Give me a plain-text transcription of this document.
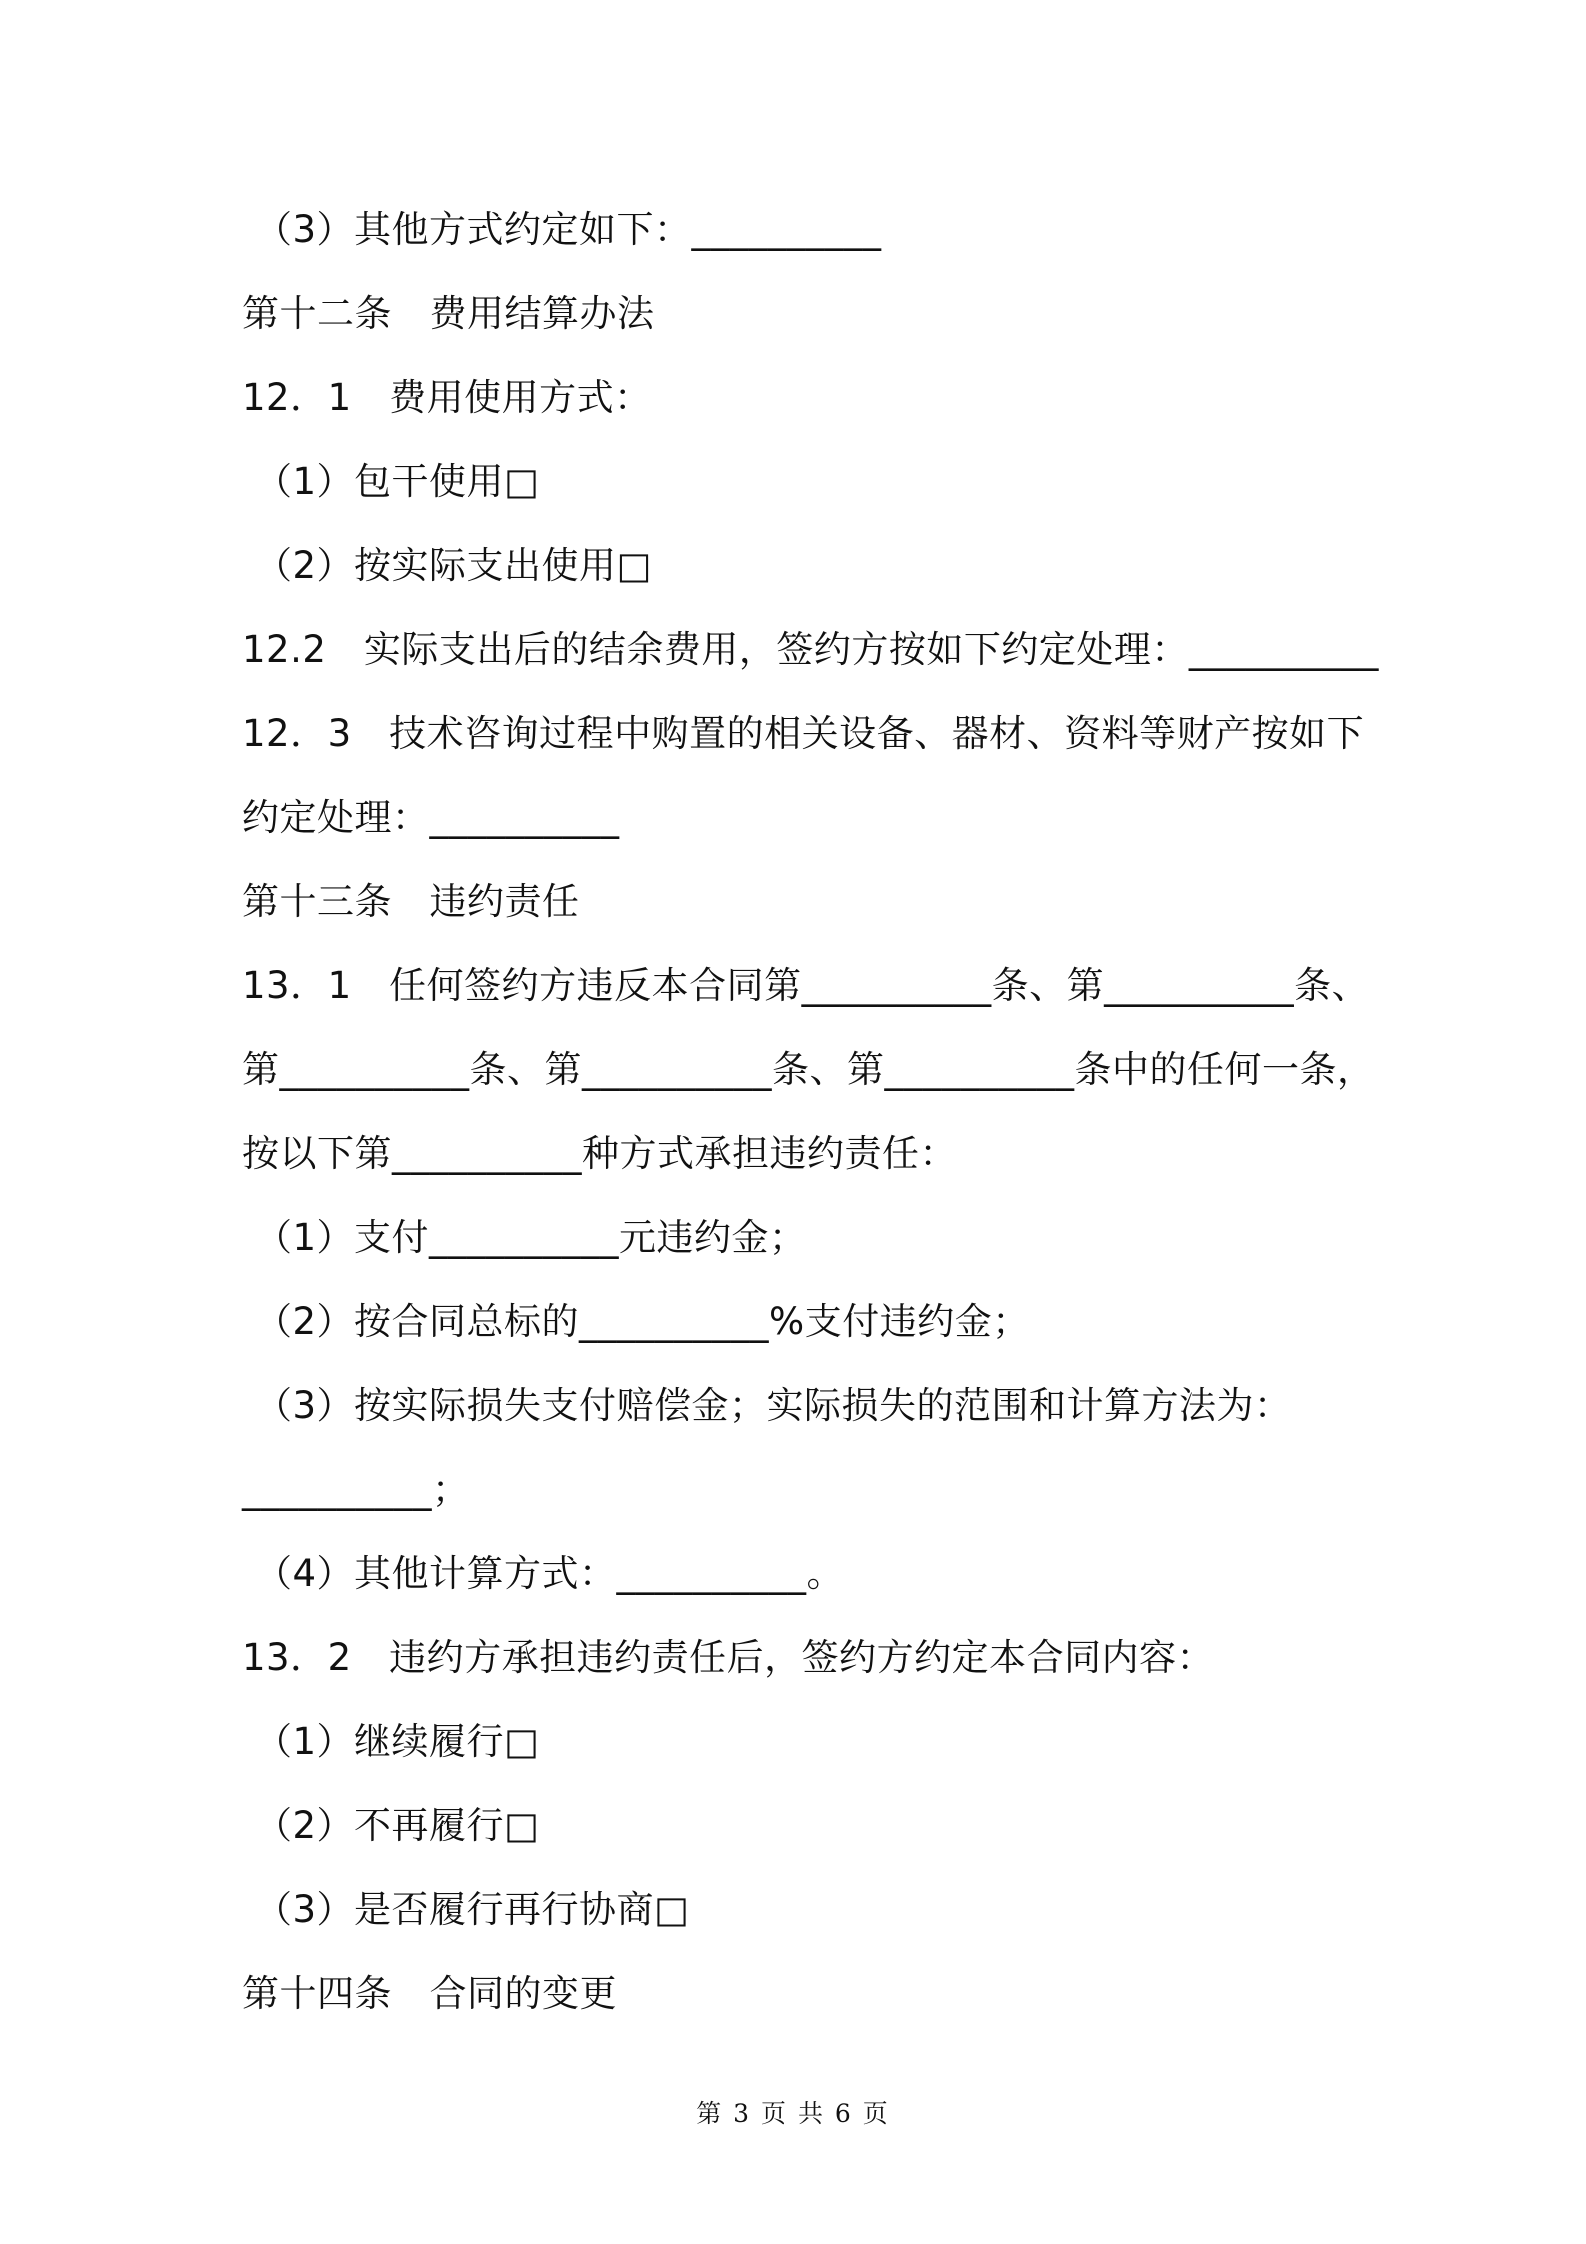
（3）其他方式约定如下：__________
第十二条　费用结算办法
12．1　费用使用方式：
（1）包干使用□
（2）按实际支出使用□
12.2　实际支出后的结余费用，签约方按如下约定处理：__________
12．3　技术咨询过程中购置的相关设备、器材、资料等财产按如下
约定处理：__________
第十三条　违约责任
13．1　任何签约方违反本合同第__________条、第__________条、
第__________条、第__________条、第__________条中的任何一条，
按以下第__________种方式承担违约责任：
（1）支付__________元违约金；
（2）按合同总标的__________%支付违约金；
（3）按实际损失支付赔偿金；实际损失的范围和计算方法为：
__________；
（4）其他计算方式：__________。
13．2　违约方承担违约责任后，签约方约定本合同内容：
（1）继续履行□
（2）不再履行□
（3）是否履行再行协商□
第十四条　合同的变更
第 3 页 共 6 页
